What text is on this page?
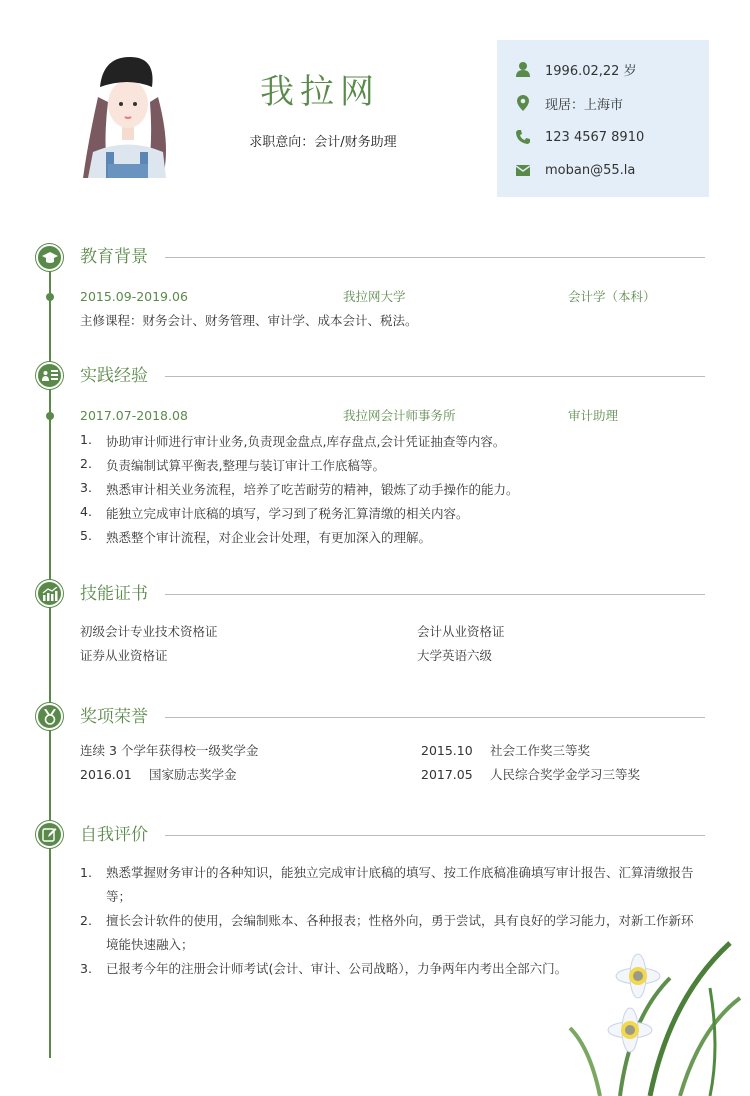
我拉网
求职意向：会计/财务助理
1996.02,22 岁
现居：上海市
123 4567 8910
moban@55.la
教育背景
2015.09-2019.06	我拉网大学	会计学（本科）
主修课程：财务会计、财务管理、审计学、成本会计、税法。
实践经验
2017.07-2018.08	我拉网会计师事务所	审计助理
1. 协助审计师进行审计业务,负责现金盘点,库存盘点,会计凭证抽查等内容。
2. 负责编制试算平衡表,整理与装订审计工作底稿等。
3. 熟悉审计相关业务流程，培养了吃苦耐劳的精神，锻炼了动手操作的能力。
4. 能独立完成审计底稿的填写，学习到了税务汇算清缴的相关内容。
5. 熟悉整个审计流程，对企业会计处理，有更加深入的理解。
技能证书
初级会计专业技术资格证	会计从业资格证
证券从业资格证	大学英语六级
奖项荣誉
连续 3 个学年获得校一级奖学金	2015.10 社会工作奖三等奖
2016.01 国家励志奖学金	2017.05 人民综合奖学金学习三等奖
自我评价
1. 熟悉掌握财务审计的各种知识，能独立完成审计底稿的填写、按工作底稿准确填写审计报告、汇算清缴报告等；
2. 擅长会计软件的使用，会编制账本、各种报表；性格外向，勇于尝试，具有良好的学习能力，对新工作新环境能快速融入；
3. 已报考今年的注册会计师考试(会计、审计、公司战略），力争两年内考出全部六门。
